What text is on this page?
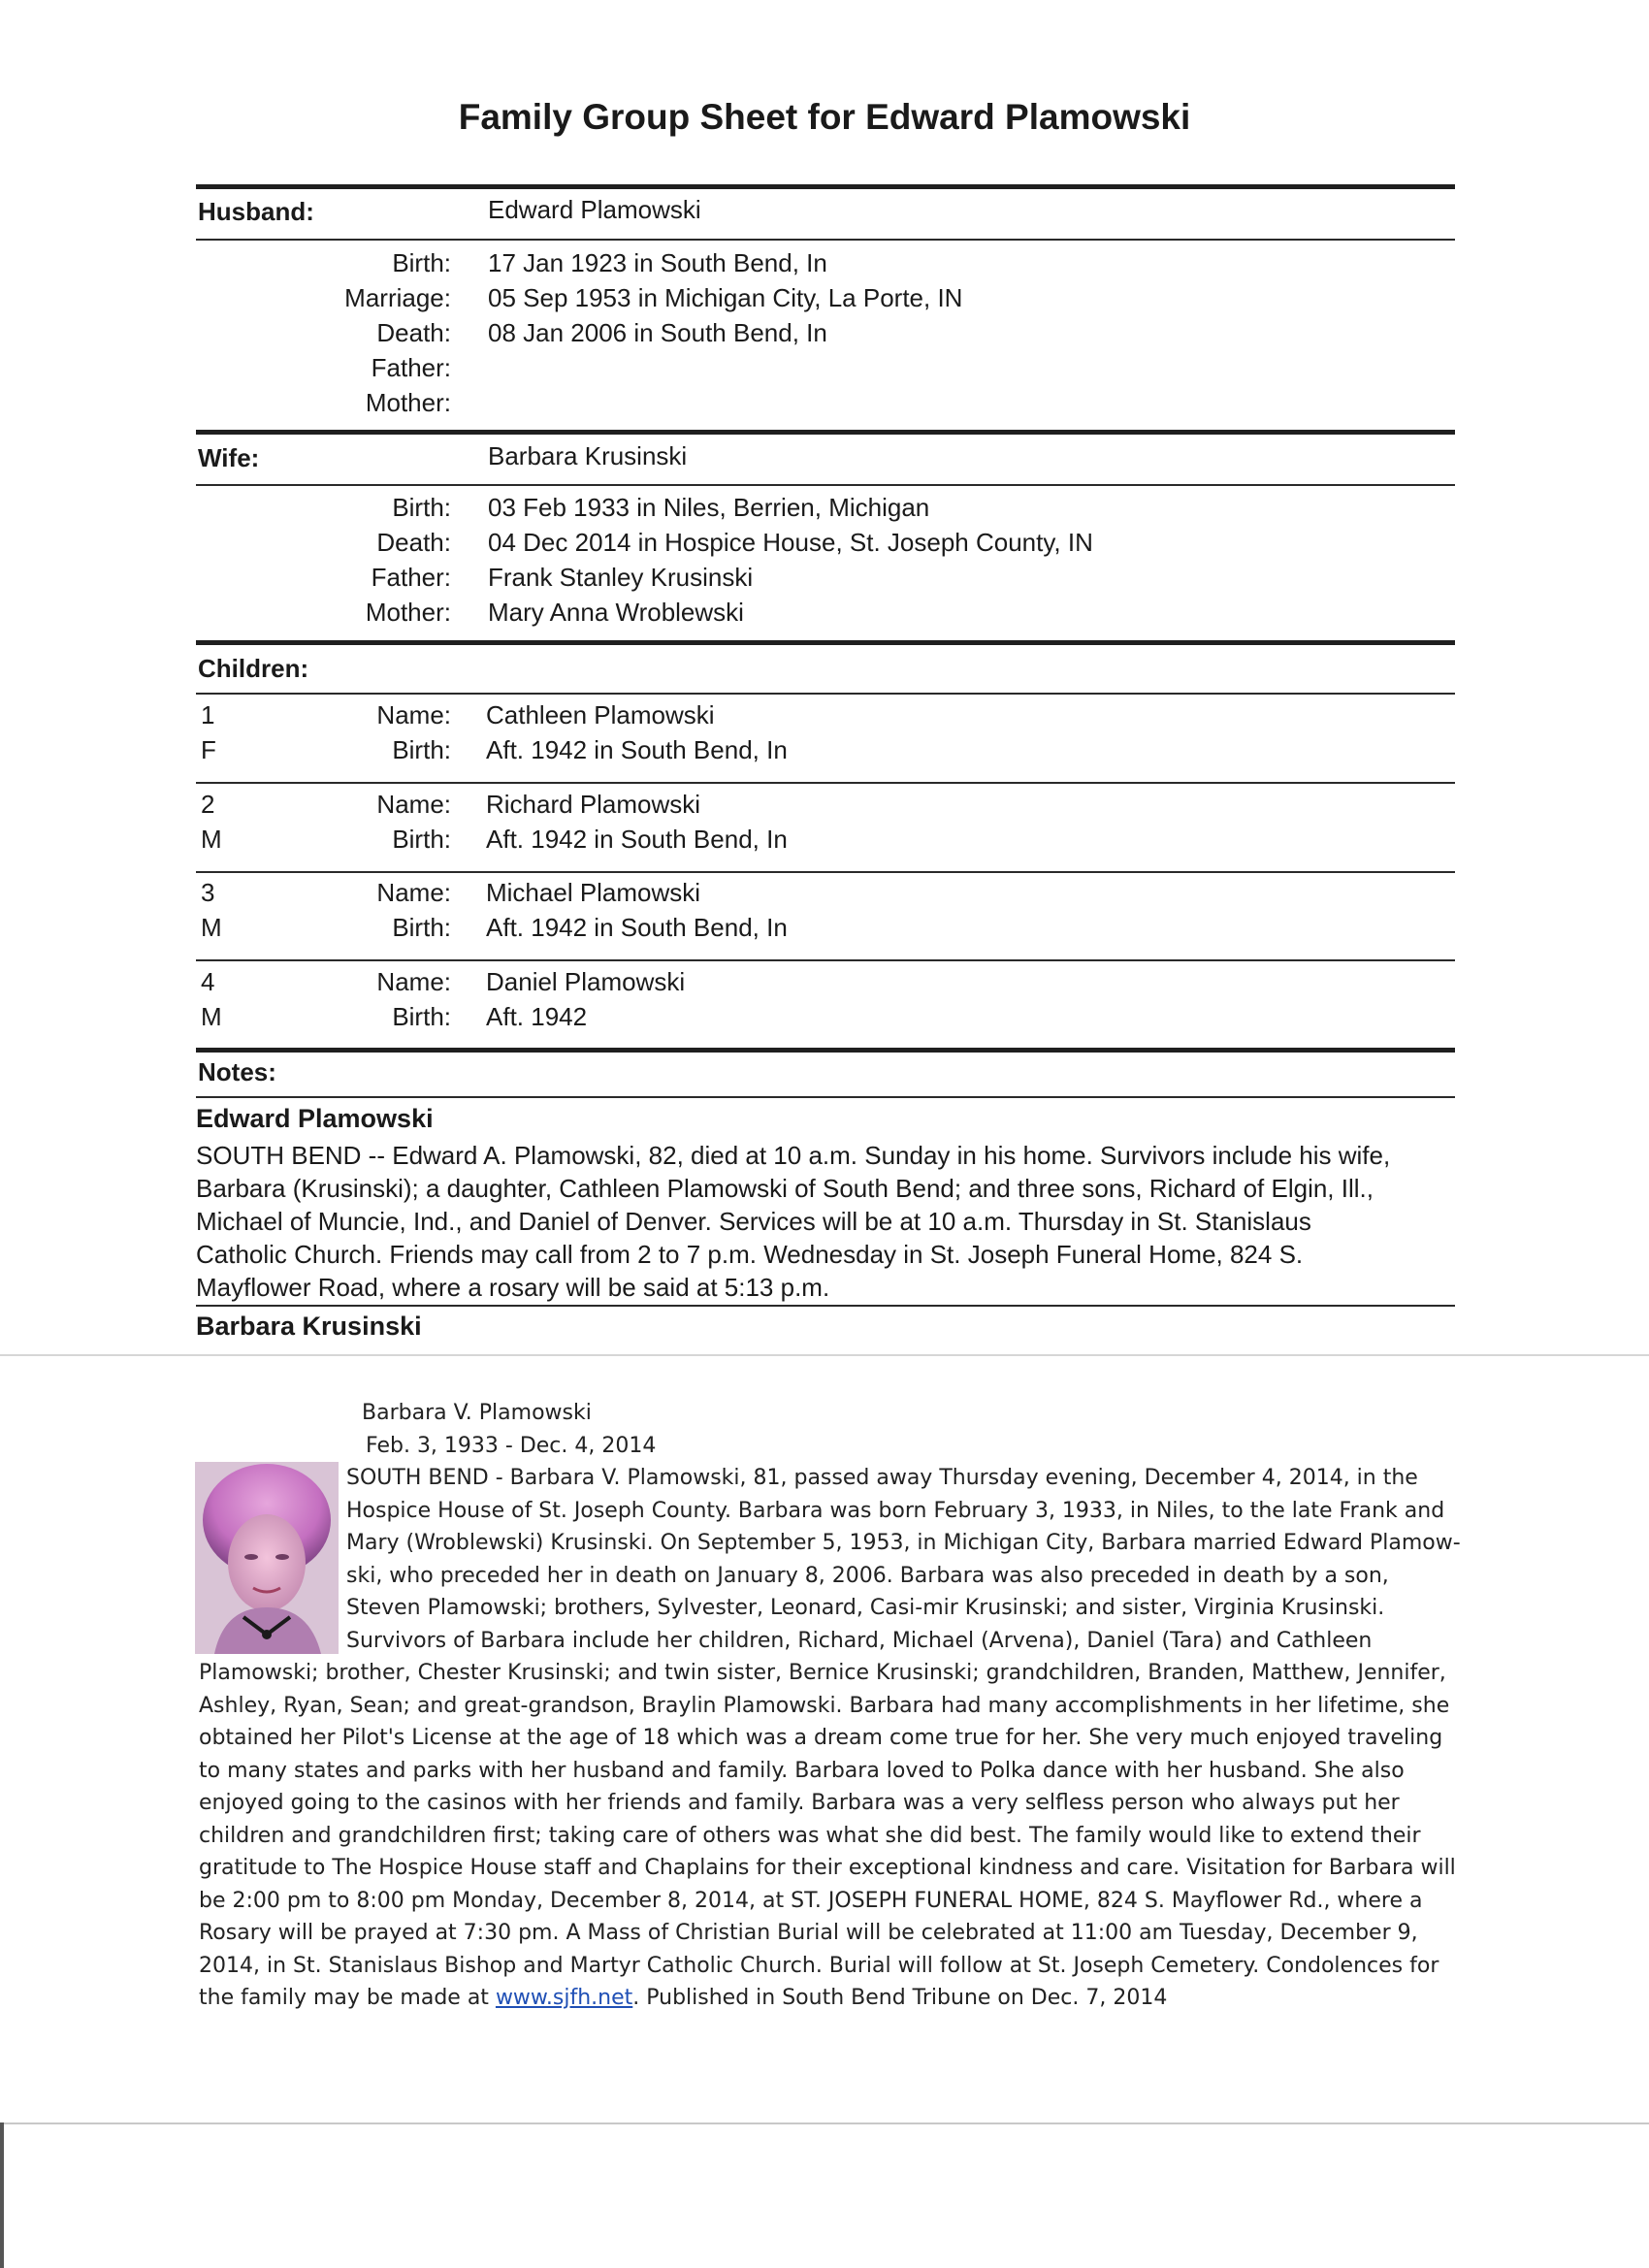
Family Group Sheet for Edward Plamowski
Husband:	Edward Plamowski
Birth: 17 Jan 1923 in South Bend, In
Marriage: 05 Sep 1953 in Michigan City, La Porte, IN
Death: 08 Jan 2006 in South Bend, In
Father:
Mother:
Wife:	Barbara Krusinski
Birth: 03 Feb 1933 in Niles, Berrien, Michigan
Death: 04 Dec 2014 in Hospice House, St. Joseph County, IN
Father: Frank Stanley Krusinski
Mother: Mary Anna Wroblewski
Children:
1
F
Name: Cathleen Plamowski
Birth: Aft. 1942 in South Bend, In
2
M
Name: Richard Plamowski
Birth: Aft. 1942 in South Bend, In
3
M
Name: Michael Plamowski
Birth: Aft. 1942 in South Bend, In
4
M
Name: Daniel Plamowski
Birth: Aft. 1942
Notes:
Edward Plamowski
SOUTH BEND -- Edward A. Plamowski, 82, died at 10 a.m. Sunday in his home. Survivors include his wife,
Barbara (Krusinski); a daughter, Cathleen Plamowski of South Bend; and three sons, Richard of Elgin, Ill.,
Michael of Muncie, Ind., and Daniel of Denver. Services will be at 10 a.m. Thursday in St. Stanislaus
Catholic Church. Friends may call from 2 to 7 p.m. Wednesday in St. Joseph Funeral Home, 824 S.
Mayflower Road, where a rosary will be said at 5:13 p.m.
Barbara Krusinski
Barbara V. Plamowski
Feb. 3, 1933 - Dec. 4, 2014
SOUTH BEND - Barbara V. Plamowski, 81, passed away Thursday evening, December 4, 2014, in the Hospice House of St. Joseph County. Barbara was born February 3, 1933, in Niles, to the late Frank and Mary (Wroblewski) Krusinski. On September 5, 1953, in Michigan City, Barbara married Edward Plamow-ski, who preceded her in death on January 8, 2006. Barbara was also preceded in death by a son, Steven Plamowski; brothers, Sylvester, Leonard, Casi-mir Krusinski; and sister, Virginia Krusinski. Survivors of Barbara include her children, Richard, Michael (Arvena), Daniel (Tara) and Cathleen Plamowski; brother, Chester Krusinski; and twin sister, Bernice Krusinski; grandchildren, Branden, Matthew, Jennifer, Ashley, Ryan, Sean; and great-grandson, Braylin Plamowski. Barbara had many accomplishments in her lifetime, she obtained her Pilot's License at the age of 18 which was a dream come true for her. She very much enjoyed traveling to many states and parks with her husband and family. Barbara loved to Polka dance with her husband. She also enjoyed going to the casinos with her friends and family. Barbara was a very selfless person who always put her children and grandchildren first; taking care of others was what she did best. The family would like to extend their gratitude to The Hospice House staff and Chaplains for their exceptional kindness and care. Visitation for Barbara will be 2:00 pm to 8:00 pm Monday, December 8, 2014, at ST. JOSEPH FUNERAL HOME, 824 S. Mayflower Rd., where a Rosary will be prayed at 7:30 pm. A Mass of Christian Burial will be celebrated at 11:00 am Tuesday, December 9, 2014, in St. Stanislaus Bishop and Martyr Catholic Church. Burial will follow at St. Joseph Cemetery. Condolences for the family may be made at www.sjfh.net. Published in South Bend Tribune on Dec. 7, 2014
